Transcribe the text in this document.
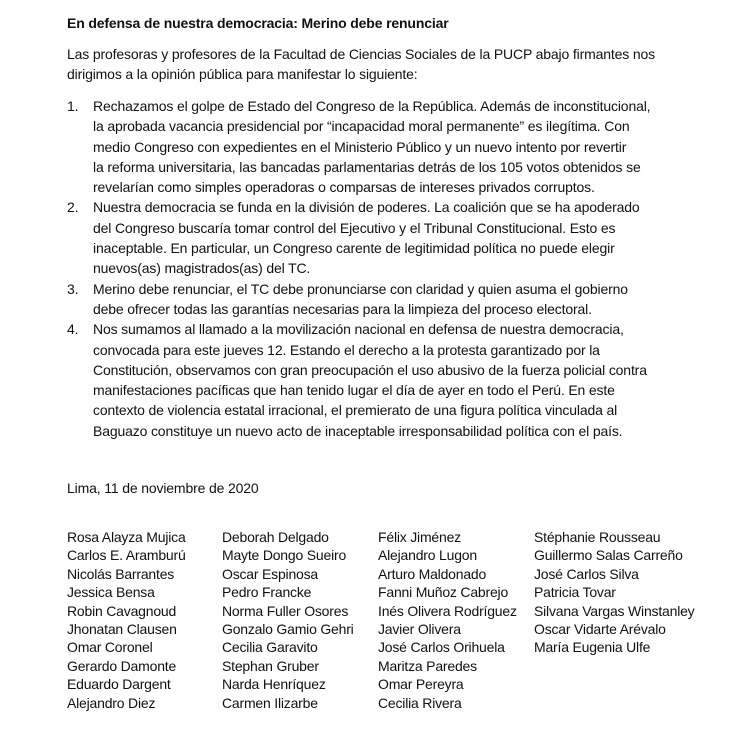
En defensa de nuestra democracia: Merino debe renunciar
Las profesoras y profesores de la Facultad de Ciencias Sociales de la PUCP abajo firmantes nos dirigimos a la opinión pública para manifestar lo siguiente:
1.	Rechazamos el golpe de Estado del Congreso de la República. Además de inconstitucional,
la aprobada vacancia presidencial por “incapacidad moral permanente” es ilegítima. Con
medio Congreso con expedientes en el Ministerio Público y un nuevo intento por revertir
la reforma universitaria, las bancadas parlamentarias detrás de los 105 votos obtenidos se
revelarían como simples operadoras o comparsas de intereses privados corruptos.
2.	Nuestra democracia se funda en la división de poderes. La coalición que se ha apoderado
del Congreso buscaría tomar control del Ejecutivo y el Tribunal Constitucional. Esto es
inaceptable. En particular, un Congreso carente de legitimidad política no puede elegir
nuevos(as) magistrados(as) del TC.
3.	Merino debe renunciar, el TC debe pronunciarse con claridad y quien asuma el gobierno
debe ofrecer todas las garantías necesarias para la limpieza del proceso electoral.
4.	Nos sumamos al llamado a la movilización nacional en defensa de nuestra democracia,
convocada para este jueves 12. Estando el derecho a la protesta garantizado por la
Constitución, observamos con gran preocupación el uso abusivo de la fuerza policial contra
manifestaciones pacíficas que han tenido lugar el día de ayer en todo el Perú. En este
contexto de violencia estatal irracional, el premierato de una figura política vinculada al
Baguazo constituye un nuevo acto de inaceptable irresponsabilidad política con el país.
Lima, 11 de noviembre de 2020
Rosa Alayza Mujica
Carlos E. Aramburú
Nicolás Barrantes
Jessica Bensa
Robin Cavagnoud
Jhonatan Clausen
Omar Coronel
Gerardo Damonte
Eduardo Dargent
Alejandro Diez
Deborah Delgado
Mayte Dongo Sueiro
Oscar Espinosa
Pedro Francke
Norma Fuller Osores
Gonzalo Gamio Gehri
Cecilia Garavito
Stephan Gruber
Narda Henríquez
Carmen Ilizarbe
Félix Jiménez
Alejandro Lugon
Arturo Maldonado
Fanni Muñoz Cabrejo
Inés Olivera Rodríguez
Javier Olivera
José Carlos Orihuela
Maritza Paredes
Omar Pereyra
Cecilia Rivera
Stéphanie Rousseau
Guillermo Salas Carreño
José Carlos Silva
Patricia Tovar
Silvana Vargas Winstanley
Oscar Vidarte Arévalo
María Eugenia Ulfe
